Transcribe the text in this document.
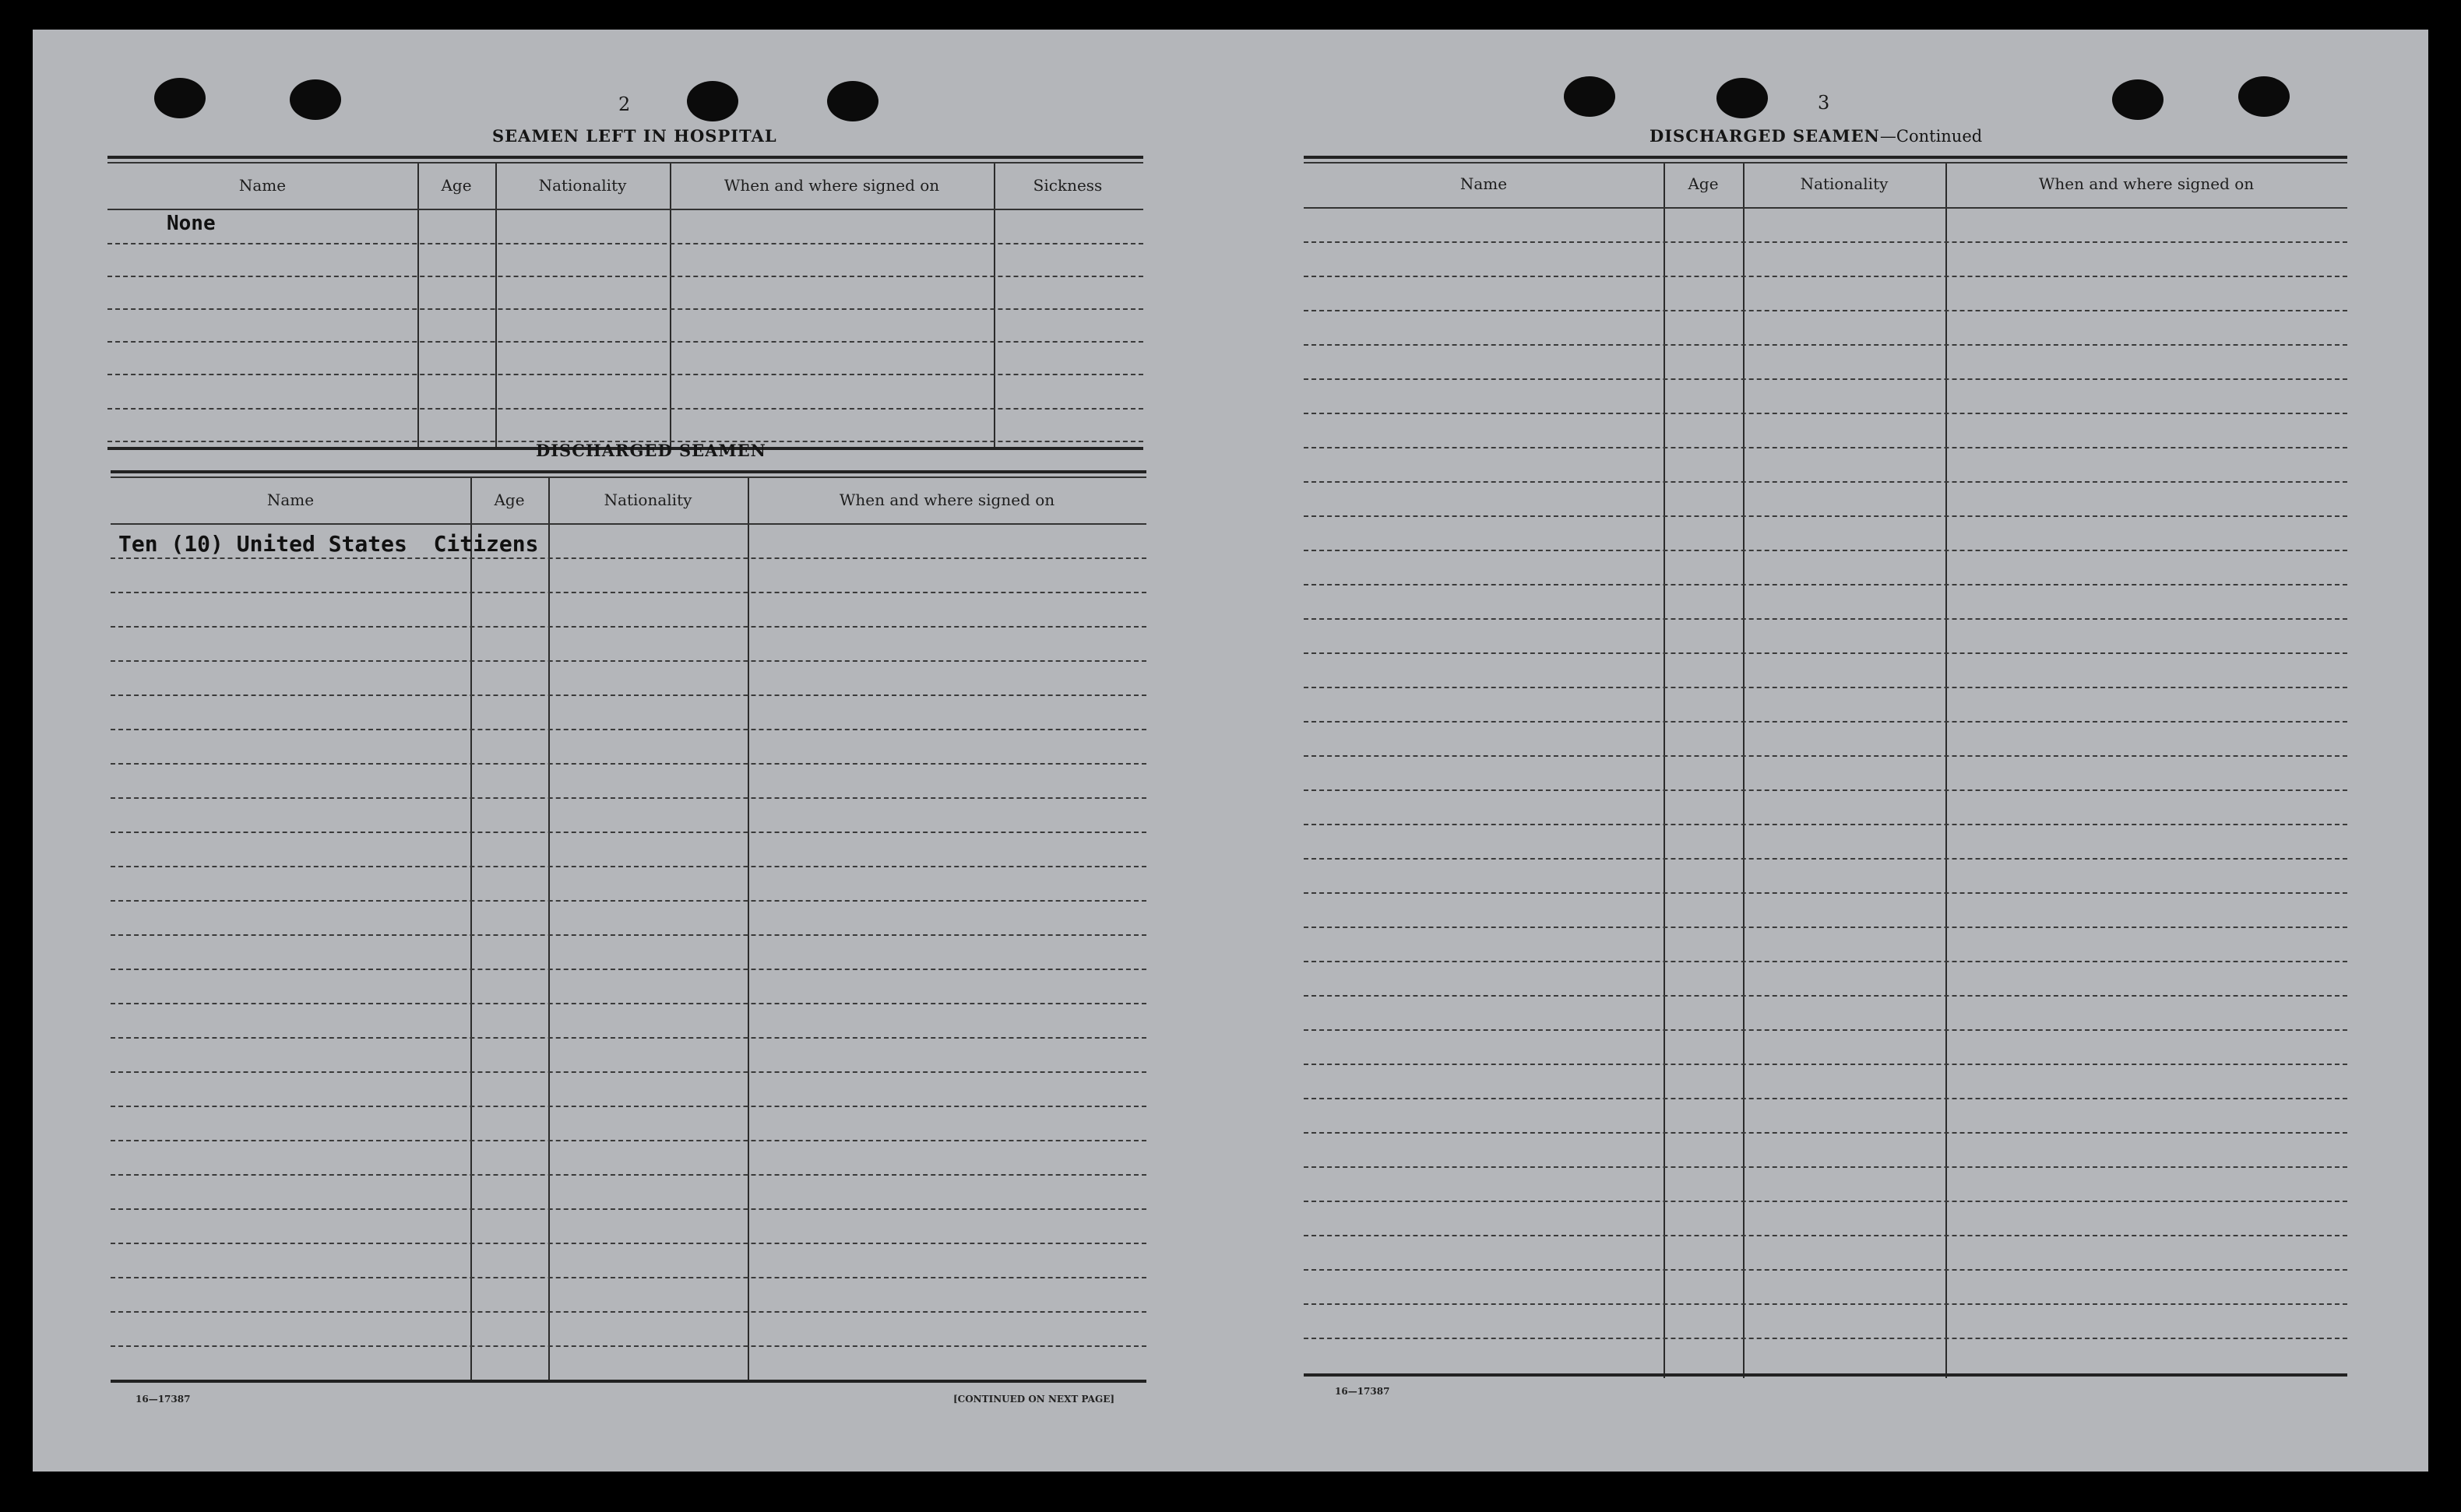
2
SEAMEN LEFT IN HOSPITAL
Name	Age	Nationality	When and where signed on	Sickness
None
DISCHARGED SEAMEN
Name	Age	Nationality	When and where signed on
Ten (10) United States  Citizens
16—17387	[CONTINUED ON NEXT PAGE]
3
DISCHARGED SEAMEN—Continued
Name	Age	Nationality	When and where signed on
16—17387
